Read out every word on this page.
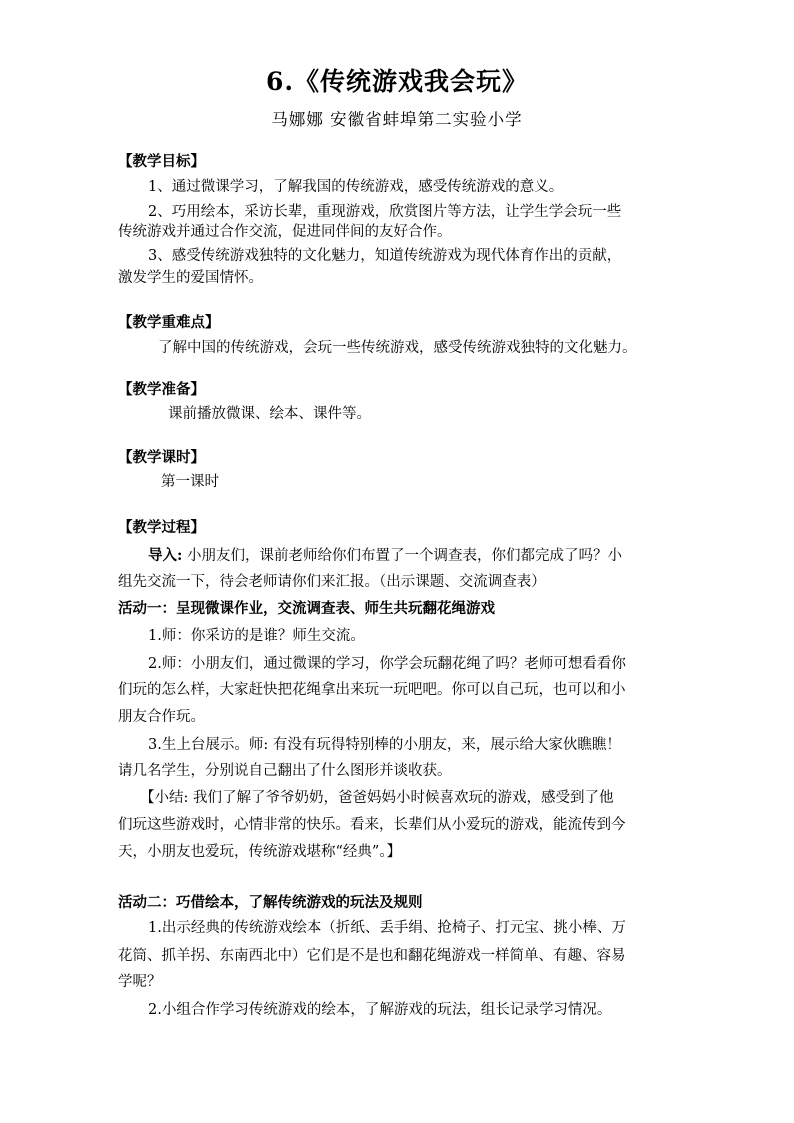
6.《传统游戏我会玩》
马娜娜 安徽省蚌埠第二实验小学
【教学目标】
1、通过微课学习，了解我国的传统游戏，感受传统游戏的意义。
2、巧用绘本，采访长辈，重现游戏，欣赏图片等方法，让学生学会玩一些
传统游戏并通过合作交流，促进同伴间的友好合作。
3、感受传统游戏独特的文化魅力，知道传统游戏为现代体育作出的贡献，
激发学生的爱国情怀。
【教学重难点】
了解中国的传统游戏，会玩一些传统游戏，感受传统游戏独特的文化魅力。
【教学准备】
课前播放微课、绘本、课件等。
【教学课时】
第一课时
【教学过程】
导入: 小朋友们，课前老师给你们布置了一个调查表，你们都完成了吗？小
组先交流一下，待会老师请你们来汇报。（出示课题、交流调查表）
活动一：呈现微课作业，交流调查表、师生共玩翻花绳游戏
1.师：你采访的是谁？师生交流。
2.师：小朋友们，通过微课的学习，你学会玩翻花绳了吗？老师可想看看你
们玩的怎么样，大家赶快把花绳拿出来玩一玩吧吧。你可以自己玩，也可以和小
朋友合作玩。
3.生上台展示。师: 有没有玩得特别棒的小朋友，来，展示给大家伙瞧瞧！
请几名学生，分别说自己翻出了什么图形并谈收获。
【小结: 我们了解了爷爷奶奶，爸爸妈妈小时候喜欢玩的游戏，感受到了他
们玩这些游戏时，心情非常的快乐。看来，长辈们从小爱玩的游戏，能流传到今
天，小朋友也爱玩，传统游戏堪称“经典”。】
活动二：巧借绘本，了解传统游戏的玩法及规则
1.出示经典的传统游戏绘本（折纸、丢手绢、抢椅子、打元宝、挑小棒、万
花筒、抓羊拐、东南西北中）它们是不是也和翻花绳游戏一样简单、有趣、容易
学呢？
2.小组合作学习传统游戏的绘本，了解游戏的玩法，组长记录学习情况。
